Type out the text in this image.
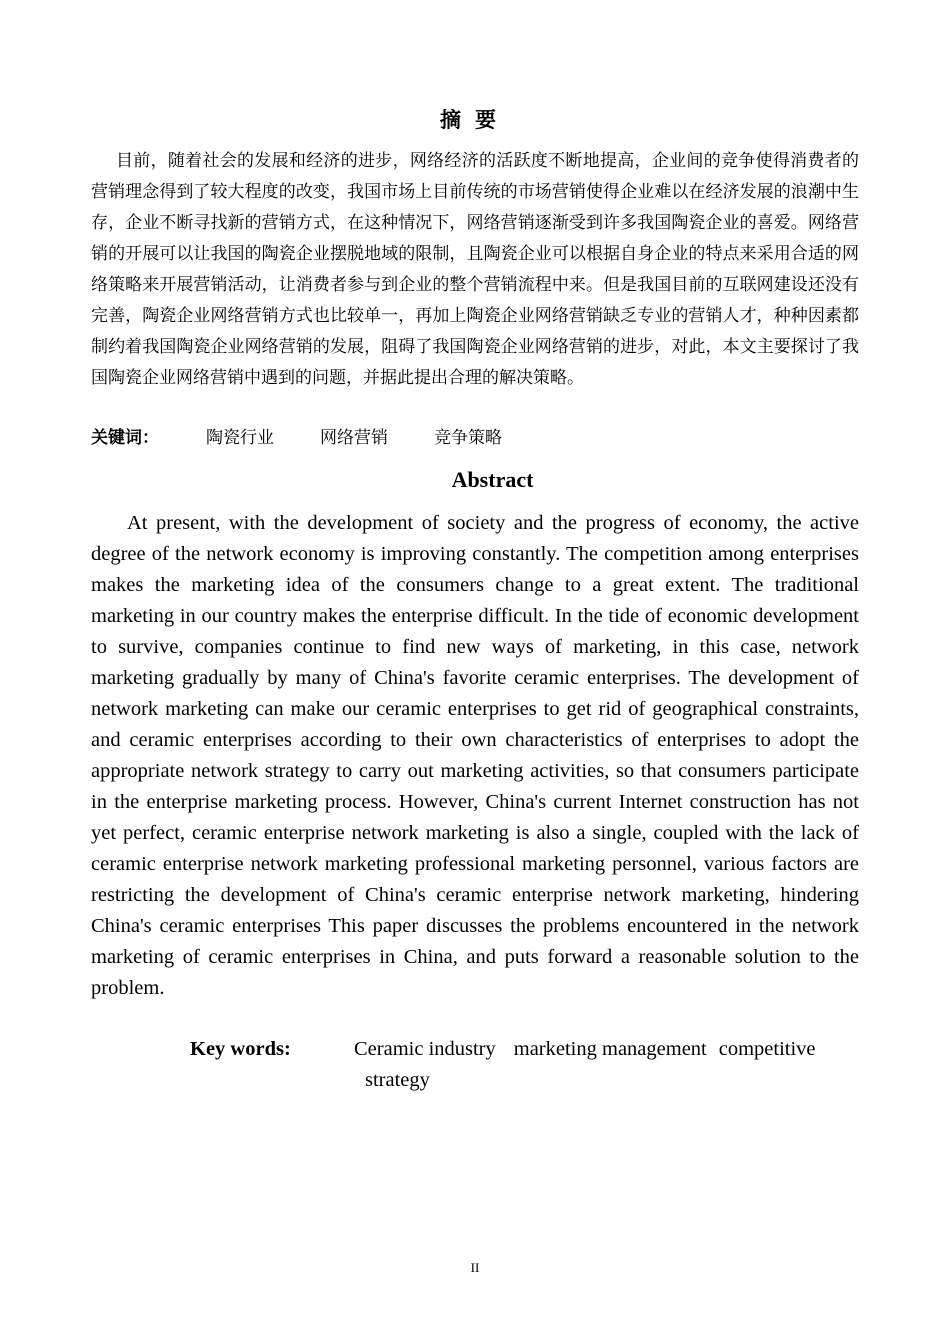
摘要

目前，随着社会的发展和经济的进步，网络经济的活跃度不断地提高，企业间的竞争使得消费者的营销理念得到了较大程度的改变，我国市场上目前传统的市场营销使得企业难以在经济发展的浪潮中生存，企业不断寻找新的营销方式，在这种情况下，网络营销逐渐受到许多我国陶瓷企业的喜爱。网络营销的开展可以让我国的陶瓷企业摆脱地域的限制，且陶瓷企业可以根据自身企业的特点来采用合适的网络策略来开展营销活动，让消费者参与到企业的整个营销流程中来。但是我国目前的互联网建设还没有完善，陶瓷企业网络营销方式也比较单一，再加上陶瓷企业网络营销缺乏专业的营销人才，种种因素都制约着我国陶瓷企业网络营销的发展，阻碍了我国陶瓷企业网络营销的进步，对此，本文主要探讨了我国陶瓷企业网络营销中遇到的问题，并据此提出合理的解决策略。

关键词：	陶瓷行业	网络营销	竞争策略
Abstract

At present, with the development of society and the progress of economy, the active degree of the network economy is improving constantly. The competition among enterprises makes the marketing idea of the consumers change to a great extent. The traditional marketing in our country makes the enterprise difficult. In the tide of economic development to survive, companies continue to find new ways of marketing, in this case, network marketing gradually by many of China's favorite ceramic enterprises. The development of network marketing can make our ceramic enterprises to get rid of geographical constraints, and ceramic enterprises according to their own characteristics of enterprises to adopt the appropriate network strategy to carry out marketing activities, so that consumers participate in the enterprise marketing process. However, China's current Internet construction has not yet perfect, ceramic enterprise network marketing is also a single, coupled with the lack of ceramic enterprise network marketing professional marketing personnel, various factors are restricting the development of China's ceramic enterprise network marketing, hindering China's ceramic enterprises This paper discusses the problems encountered in the network marketing of ceramic enterprises in China, and puts forward a reasonable solution to the problem.

Key words:	Ceramic industry marketing management competitive
strategy
II
